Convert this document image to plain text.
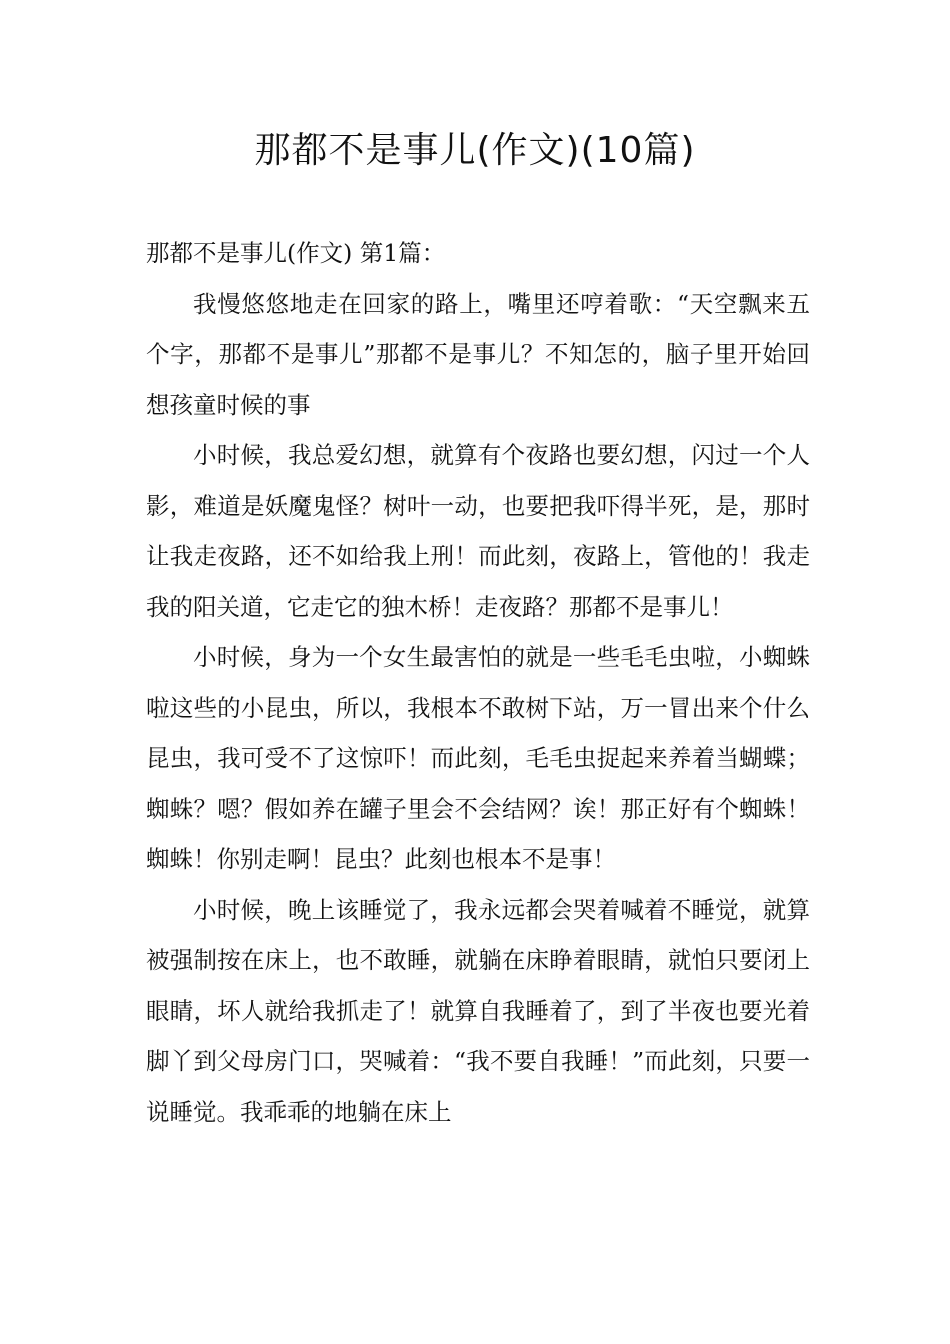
那都不是事儿(作文)(10篇)

那都不是事儿(作文) 第1篇：

我慢悠悠地走在回家的路上，嘴里还哼着歌：“天空飘来五个字，那都不是事儿”那都不是事儿？不知怎的，脑子里开始回想孩童时候的事

小时候，我总爱幻想，就算有个夜路也要幻想，闪过一个人影，难道是妖魔鬼怪？树叶一动，也要把我吓得半死，是，那时让我走夜路，还不如给我上刑！而此刻，夜路上，管他的！我走我的阳关道，它走它的独木桥！走夜路？那都不是事儿！

小时候，身为一个女生最害怕的就是一些毛毛虫啦，小蜘蛛啦这些的小昆虫，所以，我根本不敢树下站，万一冒出来个什么昆虫，我可受不了这惊吓！而此刻，毛毛虫捉起来养着当蝴蝶；蜘蛛？嗯？假如养在罐子里会不会结网？诶！那正好有个蜘蛛！蜘蛛！你别走啊！昆虫？此刻也根本不是事！

小时候，晚上该睡觉了，我永远都会哭着喊着不睡觉，就算被强制按在床上，也不敢睡，就躺在床睁着眼睛，就怕只要闭上眼睛，坏人就给我抓走了！就算自我睡着了，到了半夜也要光着脚丫到父母房门口，哭喊着：“我不要自我睡！”而此刻，只要一说睡觉。我乖乖的地躺在床上
